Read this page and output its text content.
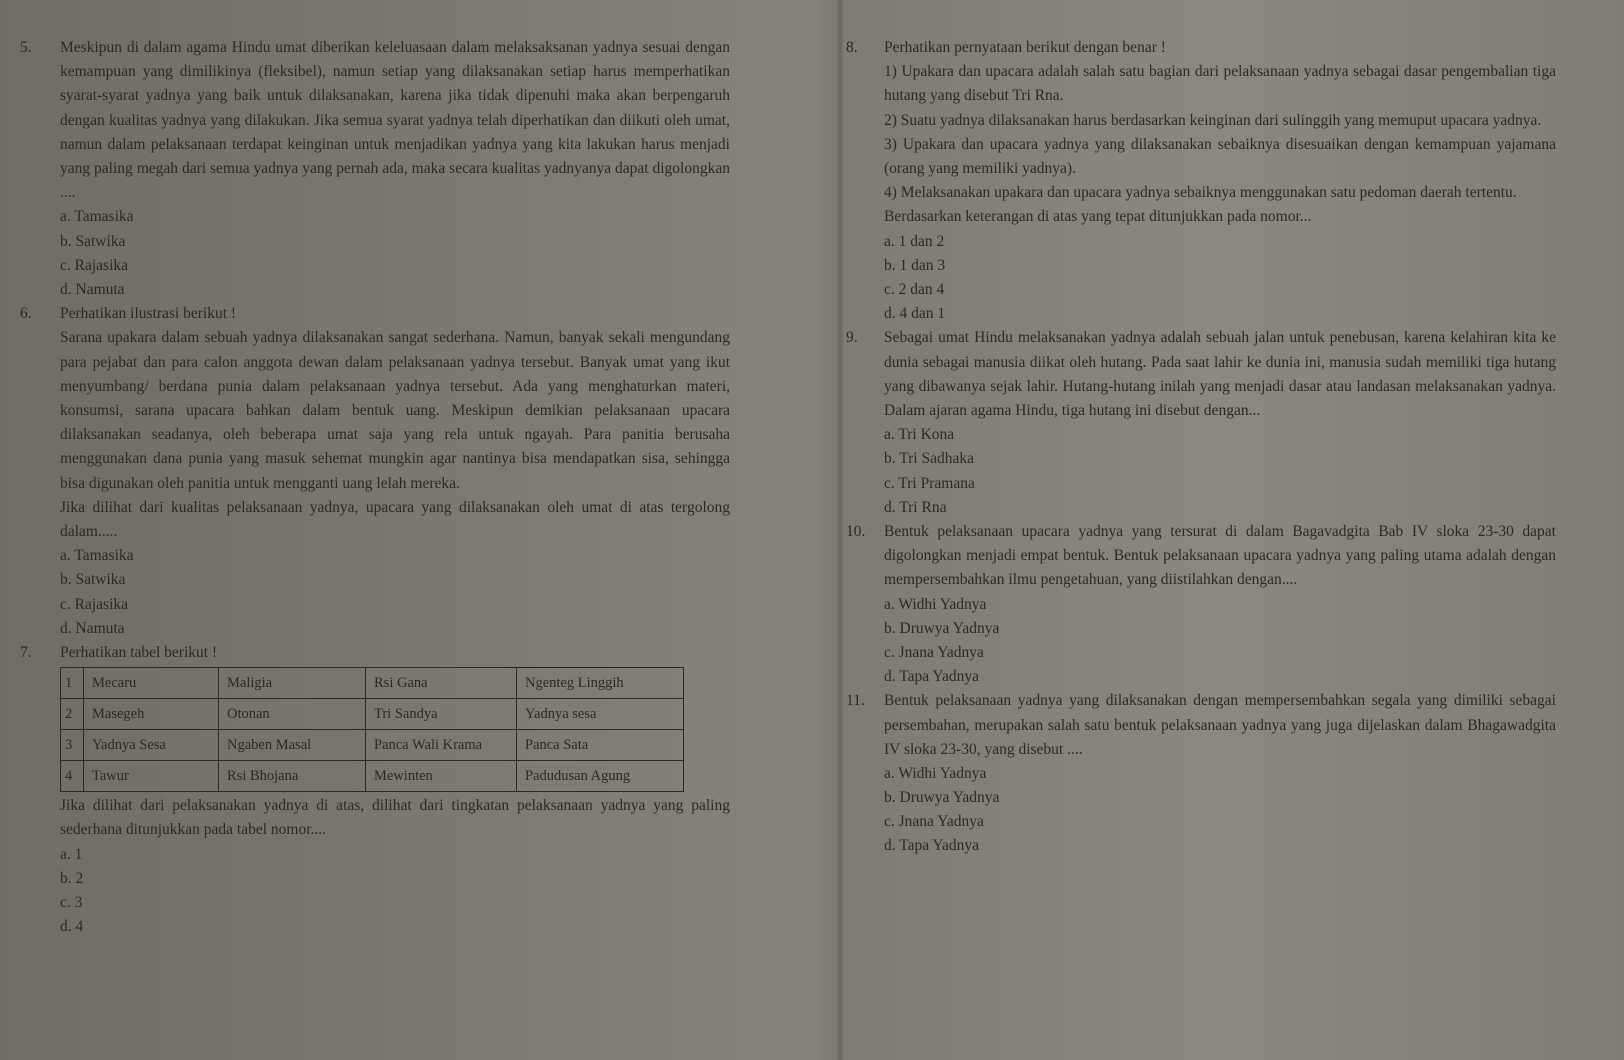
5.	Meskipun di dalam agama Hindu umat diberikan keleluasaan dalam melaksaksanan yadnya sesuai dengan kemampuan yang dimilikinya (fleksibel), namun setiap yang dilaksanakan setiap harus memperhatikan syarat-syarat yadnya yang baik untuk dilaksanakan, karena jika tidak dipenuhi maka akan berpengaruh dengan kualitas yadnya yang dilakukan. Jika semua syarat yadnya telah diperhatikan dan diikuti oleh umat, namun dalam pelaksanaan terdapat keinginan untuk menjadikan yadnya yang kita lakukan harus menjadi yang paling megah dari semua yadnya yang pernah ada, maka secara kualitas yadnyanya dapat digolongkan ....
a. Tamasika
b. Satwika
c. Rajasika
d. Namuta
6.	Perhatikan ilustrasi berikut !
Sarana upakara dalam sebuah yadnya dilaksanakan sangat sederhana. Namun, banyak sekali mengundang para pejabat dan para calon anggota dewan dalam pelaksanaan yadnya tersebut. Banyak umat yang ikut menyumbang/ berdana punia dalam pelaksanaan yadnya tersebut. Ada yang menghaturkan materi, konsumsi, sarana upacara bahkan dalam bentuk uang. Meskipun demikian pelaksanaan upacara dilaksanakan seadanya, oleh beberapa umat saja yang rela untuk ngayah. Para panitia berusaha menggunakan dana punia yang masuk sehemat mungkin agar nantinya bisa mendapatkan sisa, sehingga bisa digunakan oleh panitia untuk mengganti uang lelah mereka.
Jika dilihat dari kualitas pelaksanaan yadnya, upacara yang dilaksanakan oleh umat di atas tergolong dalam.....
a. Tamasika
b. Satwika
c. Rajasika
d. Namuta
7.	Perhatikan tabel berikut !
1	Mecaru	Maligia	Rsi Gana	Ngenteg Linggih
2	Masegeh	Otonan	Tri Sandya	Yadnya sesa
3	Yadnya Sesa	Ngaben Masal	Panca Wali Krama	Panca Sata
4	Tawur	Rsi Bhojana	Mewinten	Padudusan Agung
Jika dilihat dari pelaksanakan yadnya di atas, dilihat dari tingkatan pelaksanaan yadnya yang paling sederhana ditunjukkan pada tabel nomor....
a. 1
b. 2
c. 3
d. 4
8.	Perhatikan pernyataan berikut dengan benar !
1) Upakara dan upacara adalah salah satu bagian dari pelaksanaan yadnya sebagai dasar pengembalian tiga hutang yang disebut Tri Rna.
2) Suatu yadnya dilaksanakan harus berdasarkan keinginan dari sulinggih yang memuput upacara yadnya.
3) Upakara dan upacara yadnya yang dilaksanakan sebaiknya disesuaikan dengan kemampuan yajamana (orang yang memiliki yadnya).
4) Melaksanakan upakara dan upacara yadnya sebaiknya menggunakan satu pedoman daerah tertentu.
Berdasarkan keterangan di atas yang tepat ditunjukkan pada nomor...
a. 1 dan 2
b. 1 dan 3
c. 2 dan 4
d. 4 dan 1
9.	Sebagai umat Hindu melaksanakan yadnya adalah sebuah jalan untuk penebusan, karena kelahiran kita ke dunia sebagai manusia diikat oleh hutang. Pada saat lahir ke dunia ini, manusia sudah memiliki tiga hutang yang dibawanya sejak lahir. Hutang-hutang inilah yang menjadi dasar atau landasan melaksanakan yadnya. Dalam ajaran agama Hindu, tiga hutang ini disebut dengan...
a. Tri Kona
b. Tri Sadhaka
c. Tri Pramana
d. Tri Rna
10.	Bentuk pelaksanaan upacara yadnya yang tersurat di dalam Bagavadgita Bab IV sloka 23-30 dapat digolongkan menjadi empat bentuk. Bentuk pelaksanaan upacara yadnya yang paling utama adalah dengan mempersembahkan ilmu pengetahuan, yang diistilahkan dengan....
a. Widhi Yadnya
b. Druwya Yadnya
c. Jnana Yadnya
d. Tapa Yadnya
11.	Bentuk pelaksanaan yadnya yang dilaksanakan dengan mempersembahkan segala yang dimiliki sebagai persembahan, merupakan salah satu bentuk pelaksanaan yadnya yang juga dijelaskan dalam Bhagawadgita IV sloka 23-30, yang disebut ....
a. Widhi Yadnya
b. Druwya Yadnya
c. Jnana Yadnya
d. Tapa Yadnya
